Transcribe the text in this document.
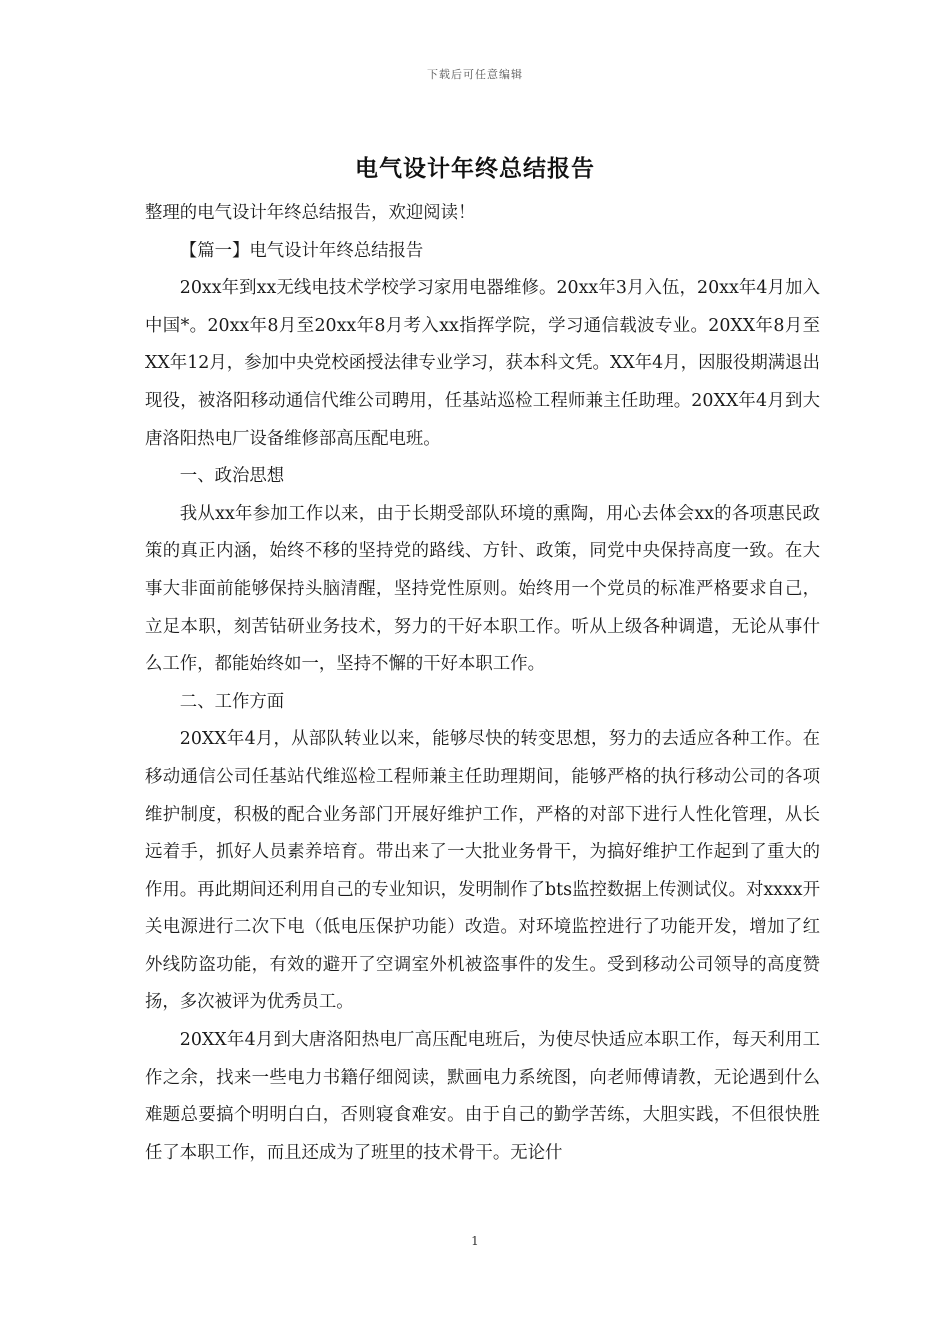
下载后可任意编辑
电气设计年终总结报告

整理的电气设计年终总结报告，欢迎阅读！

【篇一】电气设计年终总结报告

20xx年到xx无线电技术学校学习家用电器维修。20xx年3月入伍，20xx年4月加入中国*。20xx年8月至20xx年8月考入xx指挥学院，学习通信载波专业。20XX年8月至XX年12月，参加中央党校函授法律专业学习，获本科文凭。XX年4月，因服役期满退出现役，被洛阳移动通信代维公司聘用，任基站巡检工程师兼主任助理。20XX年4月到大唐洛阳热电厂设备维修部高压配电班。

一、政治思想

我从xx年参加工作以来，由于长期受部队环境的熏陶，用心去体会xx的各项惠民政策的真正内涵，始终不移的坚持党的路线、方针、政策，同党中央保持高度一致。在大事大非面前能够保持头脑清醒，坚持党性原则。始终用一个党员的标准严格要求自己，立足本职，刻苦钻研业务技术，努力的干好本职工作。听从上级各种调遣，无论从事什么工作，都能始终如一，坚持不懈的干好本职工作。

二、工作方面

20XX年4月，从部队转业以来，能够尽快的转变思想，努力的去适应各种工作。在移动通信公司任基站代维巡检工程师兼主任助理期间，能够严格的执行移动公司的各项维护制度，积极的配合业务部门开展好维护工作，严格的对部下进行人性化管理，从长远着手，抓好人员素养培育。带出来了一大批业务骨干，为搞好维护工作起到了重大的作用。再此期间还利用自己的专业知识，发明制作了bts监控数据上传测试仪。对xxxx开关电源进行二次下电（低电压保护功能）改造。对环境监控进行了功能开发，增加了红外线防盗功能，有效的避开了空调室外机被盗事件的发生。受到移动公司领导的高度赞扬，多次被评为优秀员工。

20XX年4月到大唐洛阳热电厂高压配电班后，为使尽快适应本职工作，每天利用工作之余，找来一些电力书籍仔细阅读，默画电力系统图，向老师傅请教，无论遇到什么难题总要搞个明明白白，否则寝食难安。由于自己的勤学苦练，大胆实践，不但很快胜任了本职工作，而且还成为了班里的技术骨干。无论什

1
